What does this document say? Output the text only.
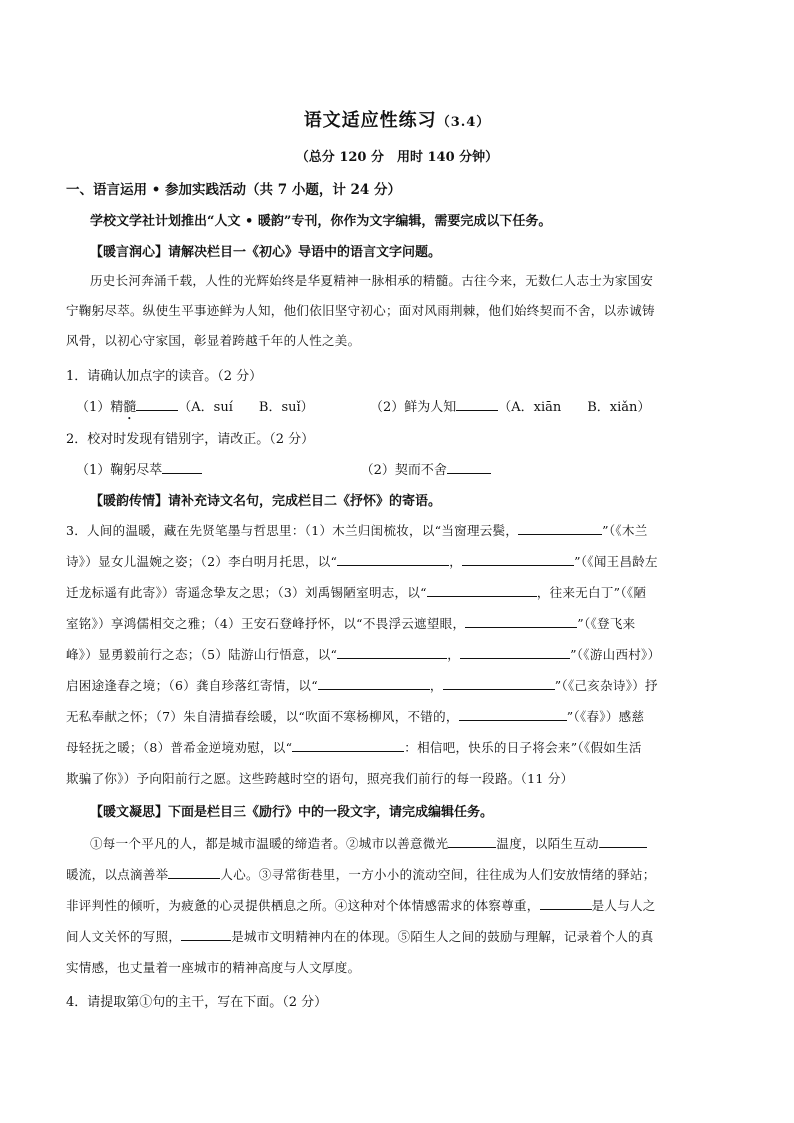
语文适应性练习（3.4）
（总分 120 分　用时 140 分钟）
一、语言运用 • 参加实践活动（共 7 小题，计 24 分）
学校文学社计划推出“人文 • 暖韵”专刊，你作为文字编辑，需要完成以下任务。
【暖言润心】请解决栏目一《初心》导语中的语言文字问题。
历史长河奔涌千载，人性的光辉始终是华夏精神一脉相承的精髓。古往今来，无数仁人志士为家国安
宁鞠躬尽萃。纵使生平事迹鲜为人知，他们依旧坚守初心；面对风雨荆棘，他们始终契而不舍，以赤诚铸
风骨，以初心守家国，彰显着跨越千年的人性之美。
1．请确认加点字的读音。（2 分）
（1）精髓	（A．suí　　B．suǐ）	（2）鲜为人知	（A．xiān　　B．xiǎn）
2．校对时发现有错别字，请改正。（2 分）
（1）鞠躬尽萃	（2）契而不舍
【暖韵传情】请补充诗文名句，完成栏目二《抒怀》的寄语。
3．人间的温暖，藏在先贤笔墨与哲思里：（1）木兰归闺梳妆，以“当窗理云鬓，	”（《木兰
诗》）显女儿温婉之姿；（2）李白明月托思，以“	，	”（《闻王昌龄左
迁龙标遥有此寄》）寄遥念挚友之思；（3）刘禹锡陋室明志，以“	，往来无白丁”（《陋
室铭》）享鸿儒相交之雅；（4）王安石登峰抒怀，以“不畏浮云遮望眼，	”（《登飞来
峰》）显勇毅前行之态；（5）陆游山行悟意，以“	，	”（《游山西村》）
启困途逢春之境；（6）龚自珍落红寄情，以“	，	”（《己亥杂诗》）抒
无私奉献之怀；（7）朱自清描春绘暖，以“吹面不寒杨柳风，不错的，	”（《春》）感慈
母轻抚之暖；（8）普希金逆境劝慰，以“	：相信吧，快乐的日子将会来”（《假如生活
欺骗了你》）予向阳前行之愿。这些跨越时空的语句，照亮我们前行的每一段路。（11 分）
【暖文凝思】下面是栏目三《励行》中的一段文字，请完成编辑任务。
①每一个平凡的人，都是城市温暖的缔造者。②城市以善意微光	温度，以陌生互动
暖流，以点滴善举	人心。③寻常街巷里，一方小小的流动空间，往往成为人们安放情绪的驿站；
非评判性的倾听，为疲惫的心灵提供栖息之所。④这种对个体情感需求的体察尊重，	是人与人之
间人文关怀的写照，	是城市文明精神内在的体现。⑤陌生人之间的鼓励与理解，记录着个人的真
实情感，也丈量着一座城市的精神高度与人文厚度。
4．请提取第①句的主干，写在下面。（2 分）
